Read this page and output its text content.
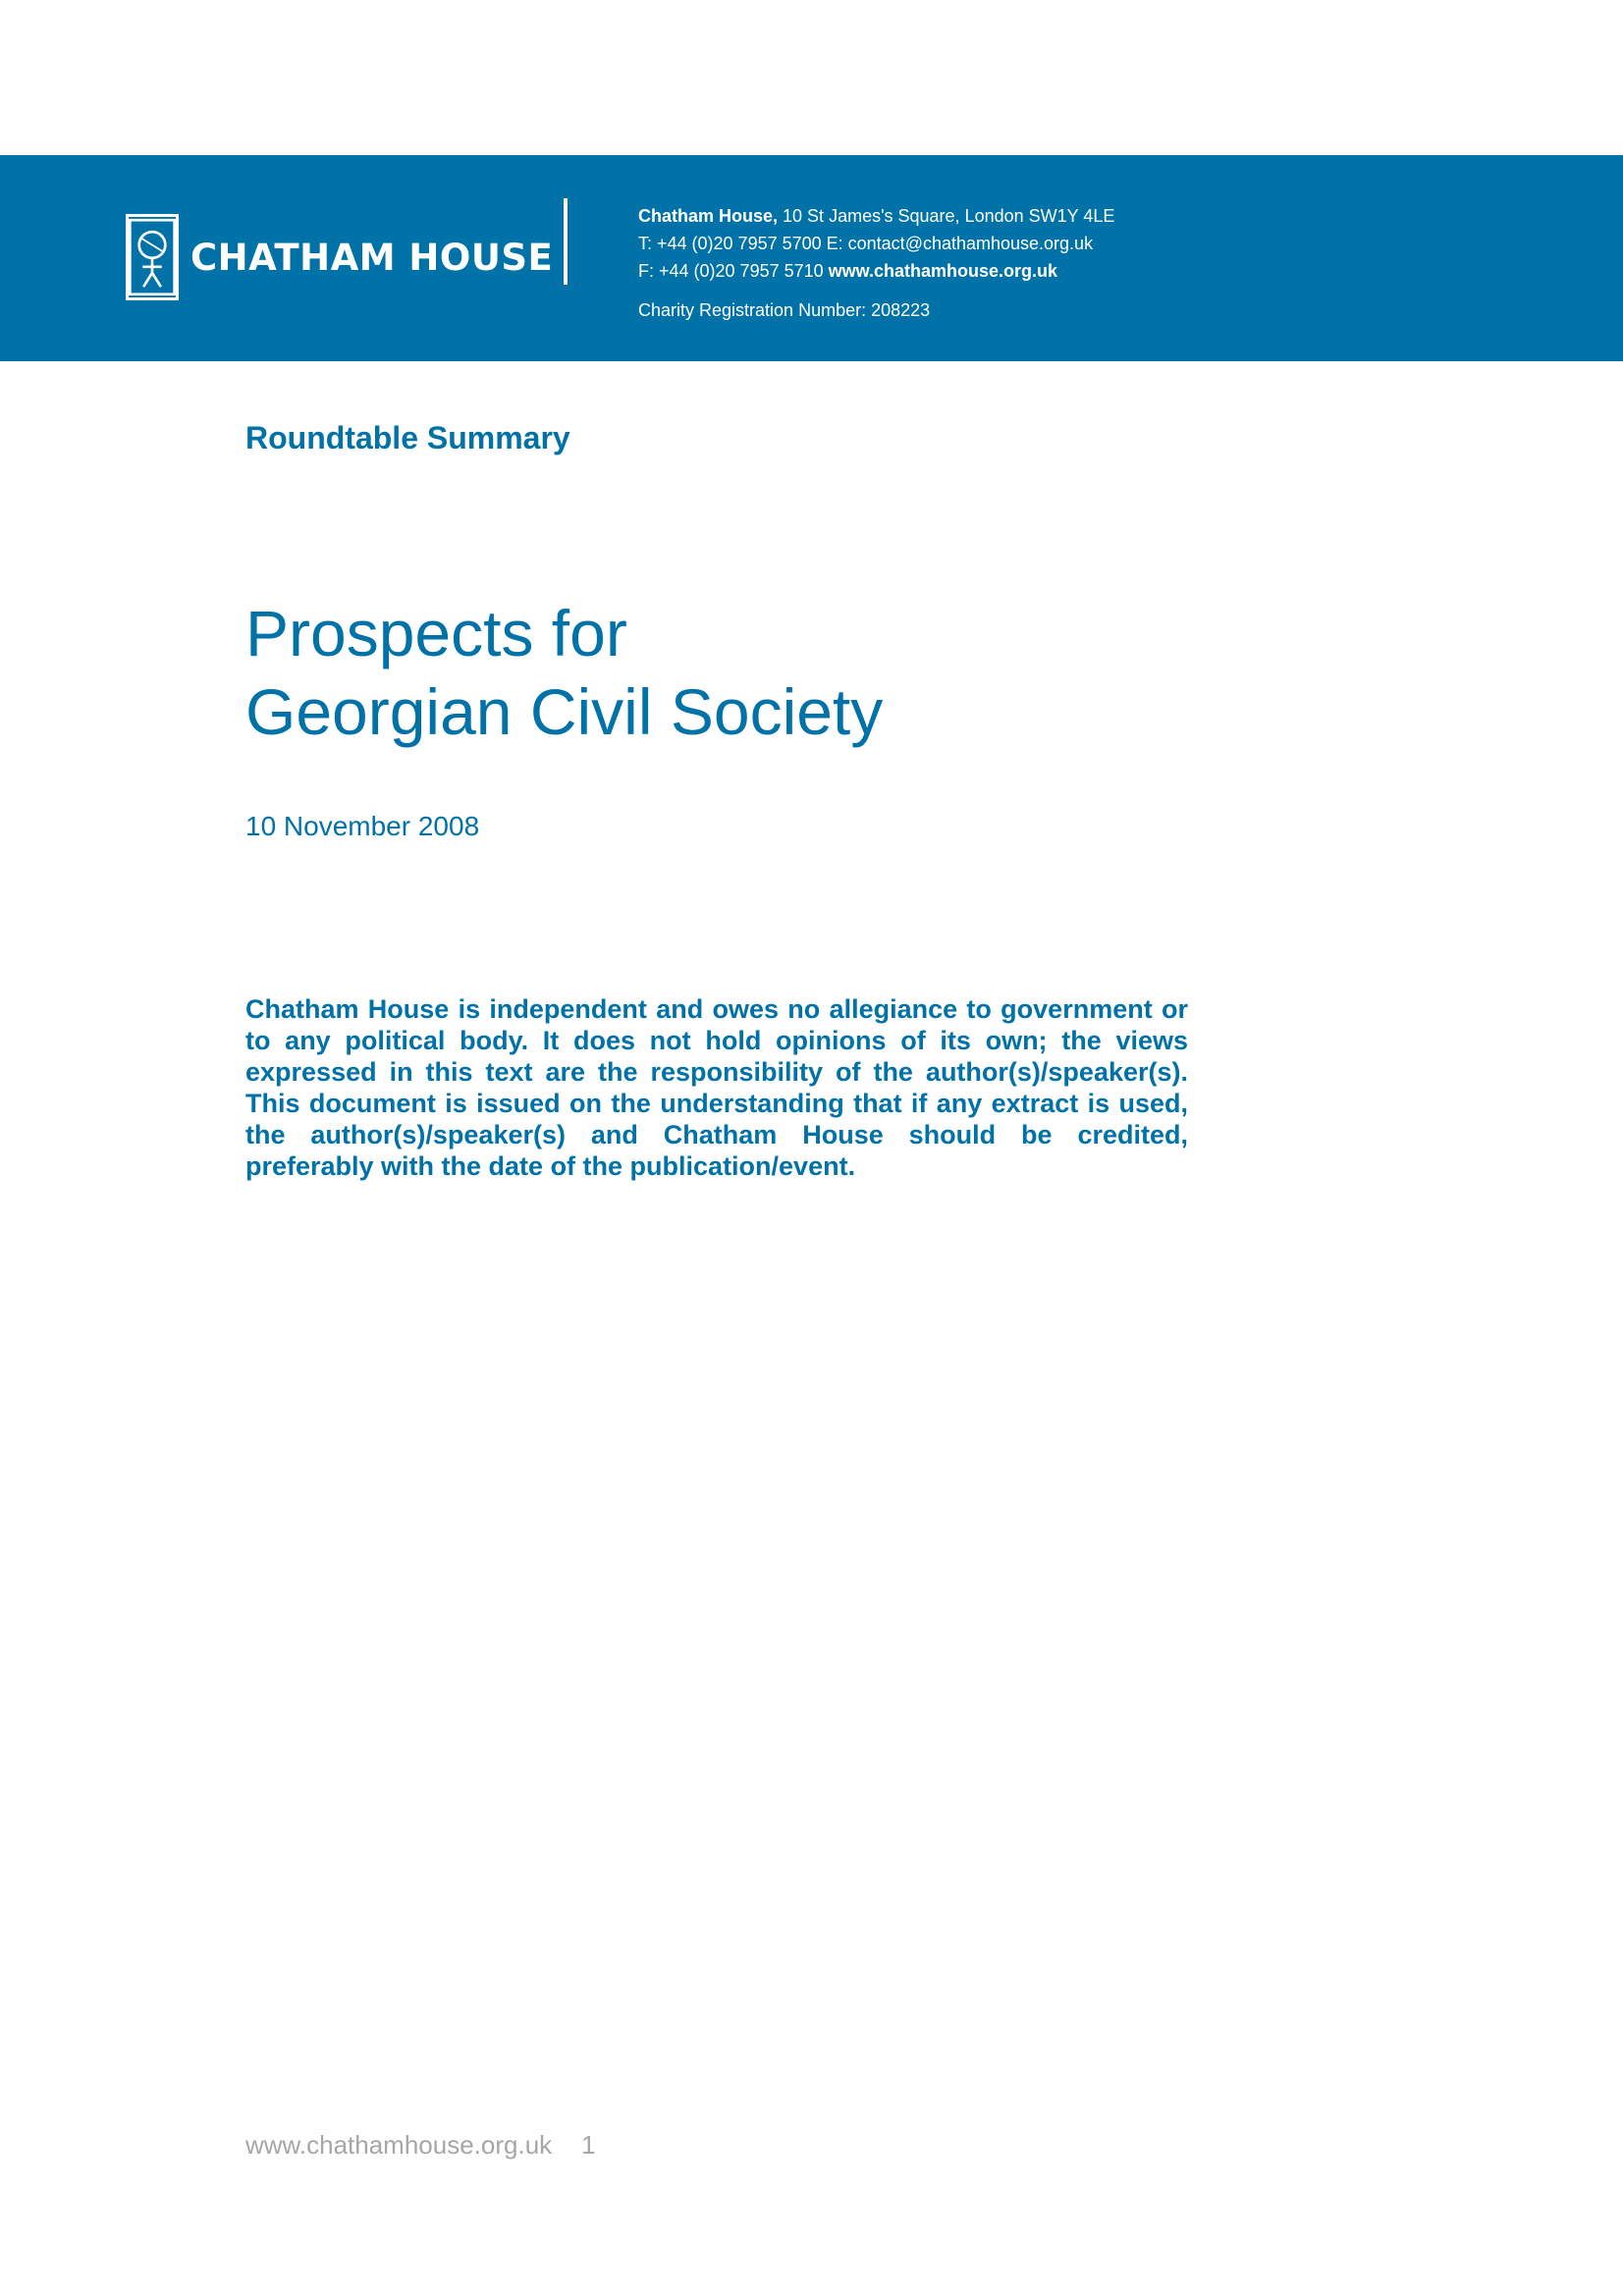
CHATHAM HOUSE
Chatham House, 10 St James's Square, London SW1Y 4LE
T: +44 (0)20 7957 5700 E: contact@chathamhouse.org.uk
F: +44 (0)20 7957 5710 www.chathamhouse.org.uk
Charity Registration Number: 208223
Roundtable Summary
Prospects for
Georgian Civil Society
10 November 2008
Chatham House is independent and owes no allegiance to government or to any political body. It does not hold opinions of its own; the views expressed in this text are the responsibility of the author(s)/speaker(s). This document is issued on the understanding that if any extract is used, the author(s)/speaker(s) and Chatham House should be credited, preferably with the date of the publication/event.
www.chathamhouse.org.uk 1
